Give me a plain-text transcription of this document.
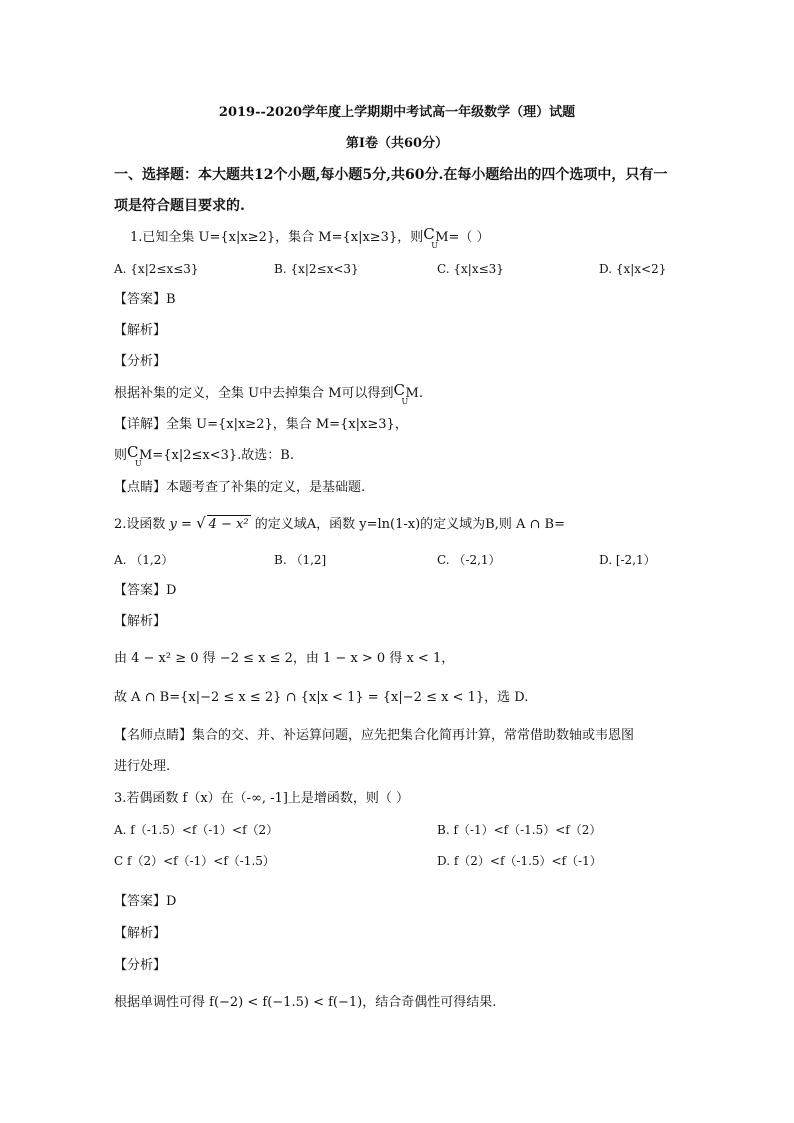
2019--2020学年度上学期期中考试高一年级数学（理）试题
第I卷（共60分）
一、选择题：本大题共12个小题,每小题5分,共60分.在每小题给出的四个选项中，只有一
项是符合题目要求的.
1.已知全集 U={x|x≥2}，集合 M={x|x≥3}，则 C
U
M=（ ）
A. {x|2≤x≤3}	B. {x|2≤x<3}	C. {x|x≤3}	D. {x|x<2}
【答案】B
【解析】
【分析】
根据补集的定义，全集 U中去掉集合 M可以得到 C
U
M.
【详解】全集 U={x|x≥2}，集合 M={x|x≥3}，
则 C
U
M={x|2≤x<3}.故选：B.
【点睛】本题考查了补集的定义，是基础题.
2.设函数 y = √ 4 − x² 的定义域A，函数 y=ln(1-x)的定义域为B,则 A ∩ B=
A. （1,2）	B. （1,2]	C. （-2,1）	D. [-2,1）
【答案】D
【解析】
由 4 − x² ≥ 0 得 −2 ≤ x ≤ 2，由 1 − x > 0 得 x < 1，
故 A ∩ B={x|−2 ≤ x ≤ 2} ∩ {x|x < 1} = {x|−2 ≤ x < 1}，选 D.
【名师点睛】集合的交、并、补运算问题，应先把集合化简再计算，常常借助数轴或韦恩图
进行处理.
3.若偶函数 f（x）在（-∞, -1]上是增函数，则（ ）
A. f（-1.5）<f（-1）<f（2）	B. f（-1）<f（-1.5）<f（2）
C f（2）<f（-1）<f（-1.5）	D. f（2）<f（-1.5）<f（-1）
【答案】D
【解析】
【分析】
根据单调性可得 f(−2) < f(−1.5) < f(−1)，结合奇偶性可得结果.
